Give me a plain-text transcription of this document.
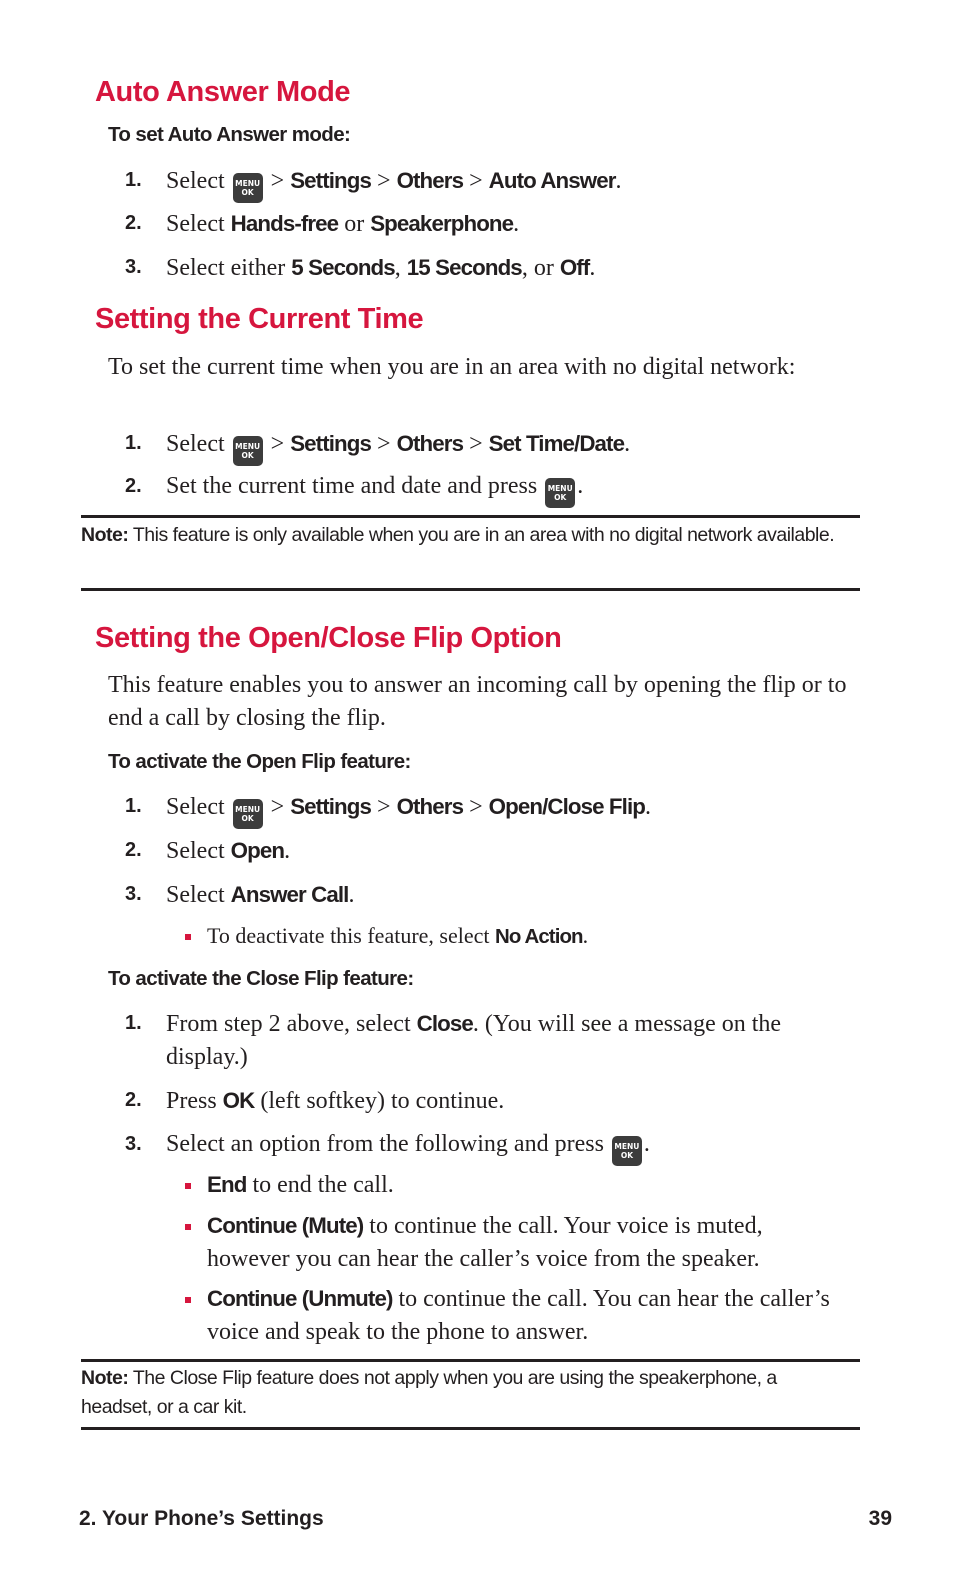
Auto Answer Mode
To set Auto Answer mode:
1. Select MENU
OK > Settings > Others > Auto Answer.
2. Select Hands-free or Speakerphone.
3. Select either 5 Seconds, 15 Seconds, or Off.
Setting the Current Time

To set the current time when you are in an area with no digital network:

1. Select MENU
OK > Settings > Others > Set Time/Date.
2. Set the current time and date and press MENU
OK .
Note: This feature is only available when you are in an area with no digital network available.
Setting the Open/Close Flip Option

This feature enables you to answer an incoming call by opening the flip or to end a call by closing the flip.

To activate the Open Flip feature:
1. Select MENU
OK > Settings > Others > Open/Close Flip.
2. Select Open.
3. Select Answer Call.
To deactivate this feature, select No Action.
To activate the Close Flip feature:
1. From step 2 above, select Close. (You will see a message on the display.)
2. Press OK (left softkey) to continue.
3. Select an option from the following and press MENU
OK .
End to end the call.
Continue (Mute) to continue the call. Your voice is muted, however you can hear the caller’s voice from the speaker.
Continue (Unmute) to continue the call. You can hear the caller’s voice and speak to the phone to answer.
Note: The Close Flip feature does not apply when you are using the speakerphone, a headset, or a car kit.
2. Your Phone’s Settings	39
